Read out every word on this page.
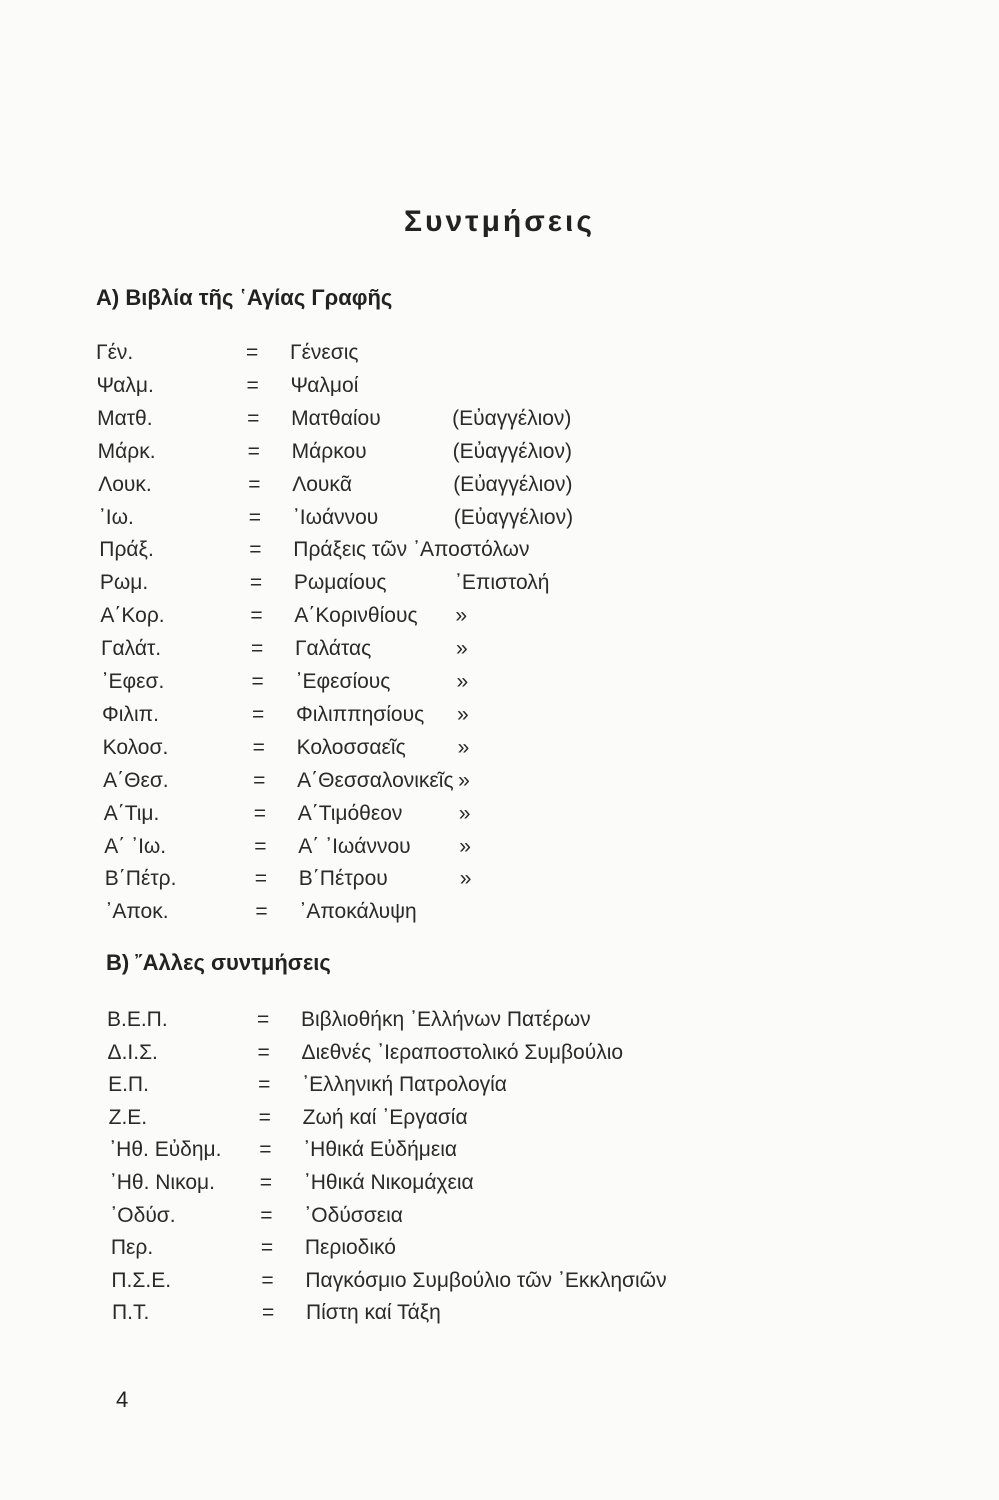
Συντμήσεις
Α) Βιβλία τῆς ῾Αγίας Γραφῆς
Γέν.	= Γένεσις
Ψαλμ.	= Ψαλμοί
Ματθ.	= Ματθαίου	(Εὐαγγέλιον)
Μάρκ.	= Μάρκου	(Εὐαγγέλιον)
Λουκ.	= Λουκᾶ	(Εὐαγγέλιον)
᾽Ιω.	= ᾽Ιωάννου	(Εὐαγγέλιον)
Πράξ.	= Πράξεις τῶν ᾽Αποστόλων
Ρωμ.	= Ρωμαίους	᾽Επιστολή
Α΄Κορ.	= Α΄Κορινθίους »
Γαλάτ.	= Γαλάτας	»
᾽Εφεσ.	= ᾽Εφεσίους	»
Φιλιπ.	= Φιλιππησίους »
Κολοσ.	= Κολοσσαεῖς »
Α΄Θεσ.	= Α΄Θεσσαλονικεῖς »
Α΄Τιμ.	= Α΄Τιμόθεον	»
Α΄ ᾽Ιω.	= Α΄ ᾽Ιωάννου »
Β΄Πέτρ.	= Β΄Πέτρου	»
᾽Αποκ.	= ᾽Αποκάλυψη
Β) ῎Αλλες συντμήσεις
Β.Ε.Π.	= Βιβλιοθήκη ᾽Ελλήνων Πατέρων
Δ.Ι.Σ.	= Διεθνές ᾽Ιεραποστολικό Συμβούλιο
Ε.Π.	= ᾽Ελληνική Πατρολογία
Ζ.Ε.	= Ζωή καί ᾽Εργασία
᾽Ηθ. Εὐδημ. = ᾽Ηθικά Εὐδήμεια
᾽Ηθ. Νικομ. = ᾽Ηθικά Νικομάχεια
᾽Οδύσ.	= ᾽Οδύσσεια
Περ.	= Περιοδικό
Π.Σ.Ε.	= Παγκόσμιο Συμβούλιο τῶν ᾽Εκκλησιῶν
Π.Τ.	= Πίστη καί Τάξη
4
